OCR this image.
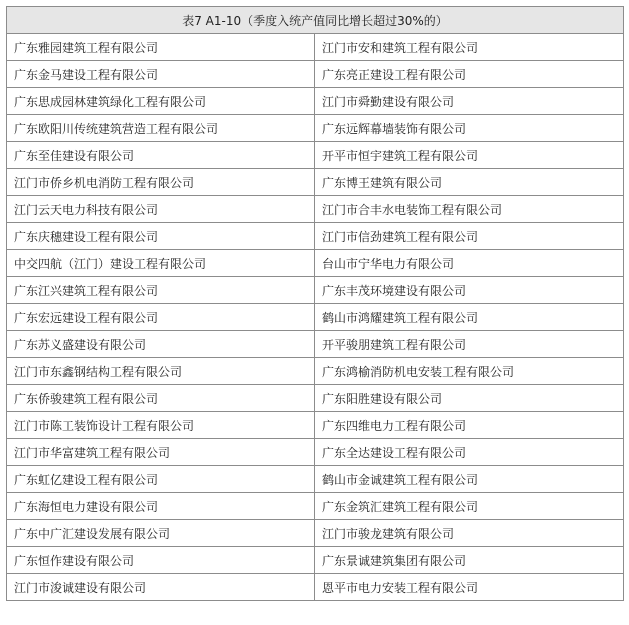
表7 A1-10（季度入统产值同比增长超过30%的）	
广东雅园建筑工程有限公司	江门市安和建筑工程有限公司
广东金马建设工程有限公司	广东亮正建设工程有限公司
广东思成园林建筑绿化工程有限公司	江门市舜勤建设有限公司
广东欧阳川传统建筑营造工程有限公司	广东远辉幕墙装饰有限公司
广东至佳建设有限公司	开平市恒宇建筑工程有限公司
江门市侨乡机电消防工程有限公司	广东博王建筑有限公司
江门云天电力科技有限公司	江门市合丰水电装饰工程有限公司
广东庆穗建设工程有限公司	江门市信劲建筑工程有限公司
中交四航（江门）建设工程有限公司	台山市宁华电力有限公司
广东江兴建筑工程有限公司	广东丰茂环境建设有限公司
广东宏远建设工程有限公司	鹤山市鸿耀建筑工程有限公司
广东苏义盛建设有限公司	开平骏朋建筑工程有限公司
江门市东鑫钢结构工程有限公司	广东鸿榆消防机电安装工程有限公司
广东侨骏建筑工程有限公司	广东阳胜建设有限公司
江门市陈工装饰设计工程有限公司	广东四维电力工程有限公司
江门市华富建筑工程有限公司	广东全达建设工程有限公司
广东虹亿建设工程有限公司	鹤山市金诚建筑工程有限公司
广东海恒电力建设有限公司	广东金筑汇建筑工程有限公司
广东中广汇建设发展有限公司	江门市骏龙建筑有限公司
广东恒作建设有限公司	广东景诚建筑集团有限公司
江门市浚诚建设有限公司	恩平市电力安装工程有限公司
